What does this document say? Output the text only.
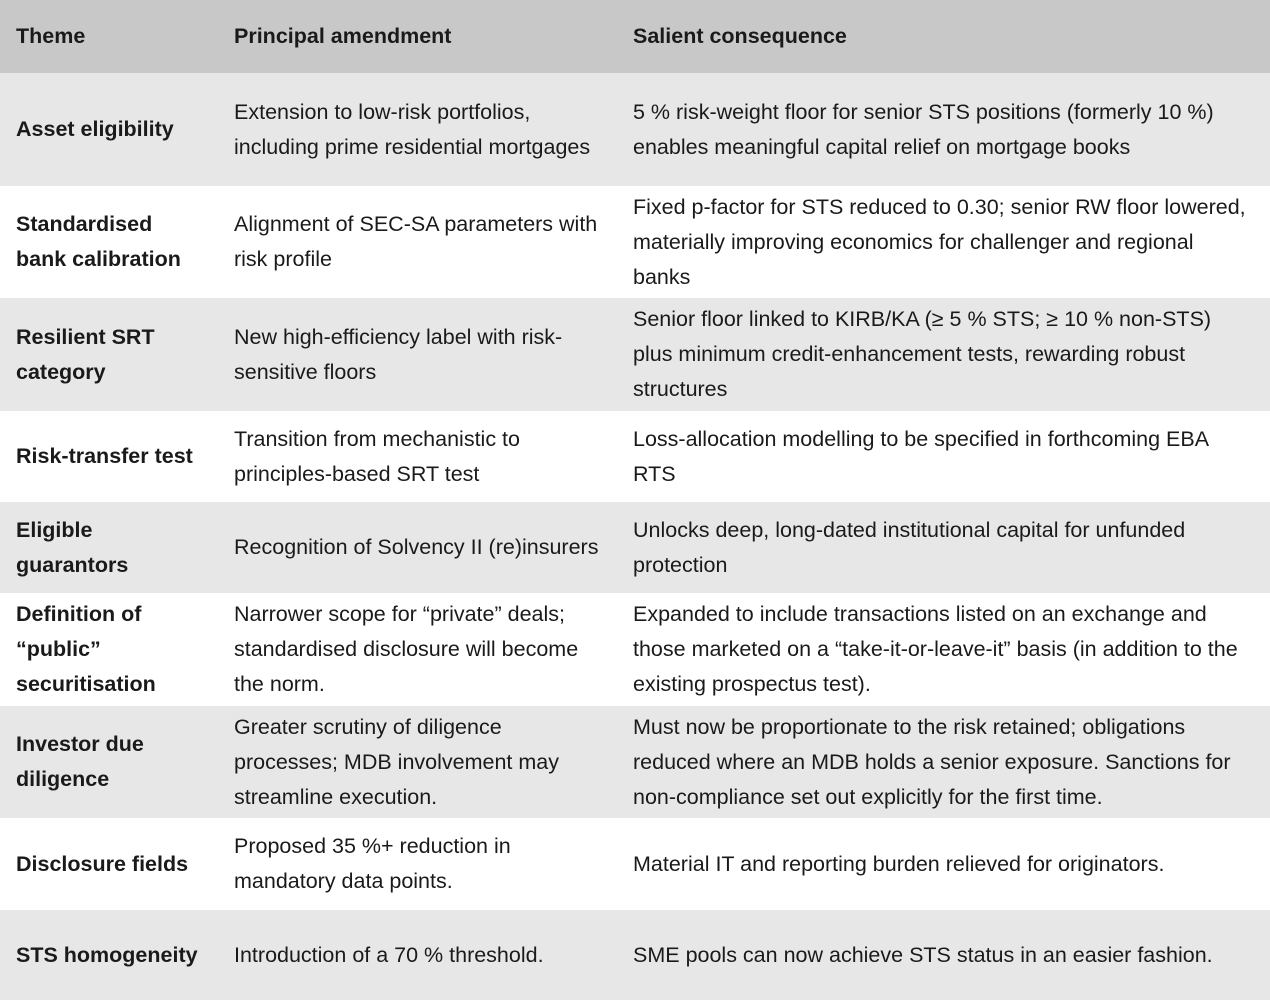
Theme	Principal amendment	Salient consequence
Asset eligibility	Extension to low-risk portfolios, including prime residential mortgages	5 % risk-weight floor for senior STS positions (formerly 10 %) enables meaningful capital relief on mortgage books
Standardised bank calibration	Alignment of SEC-SA parameters with risk profile	Fixed p-factor for STS reduced to 0.30; senior RW floor lowered, materially improving economics for challenger and regional banks
Resilient SRT category	New high-efficiency label with risk-sensitive floors	Senior floor linked to KIRB/KA (≥ 5 % STS; ≥ 10 % non-STS) plus minimum credit-enhancement tests, rewarding robust structures
Risk-transfer test	Transition from mechanistic to principles-based SRT test	Loss-allocation modelling to be specified in forthcoming EBA RTS
Eligible guarantors	Recognition of Solvency II (re)insurers	Unlocks deep, long-dated institutional capital for unfunded protection
Definition of “public” securitisation	Narrower scope for “private” deals; standardised disclosure will become the norm.	Expanded to include transactions listed on an exchange and those marketed on a “take-it-or-leave-it” basis (in addition to the existing prospectus test).
Investor due diligence	Greater scrutiny of diligence processes; MDB involvement may streamline execution.	Must now be proportionate to the risk retained; obligations reduced where an MDB holds a senior exposure. Sanctions for non-compliance set out explicitly for the first time.
Disclosure fields	Proposed 35 %+ reduction in mandatory data points.	Material IT and reporting burden relieved for originators.
STS homogeneity	Introduction of a 70 % threshold.	SME pools can now achieve STS status in an easier fashion.
